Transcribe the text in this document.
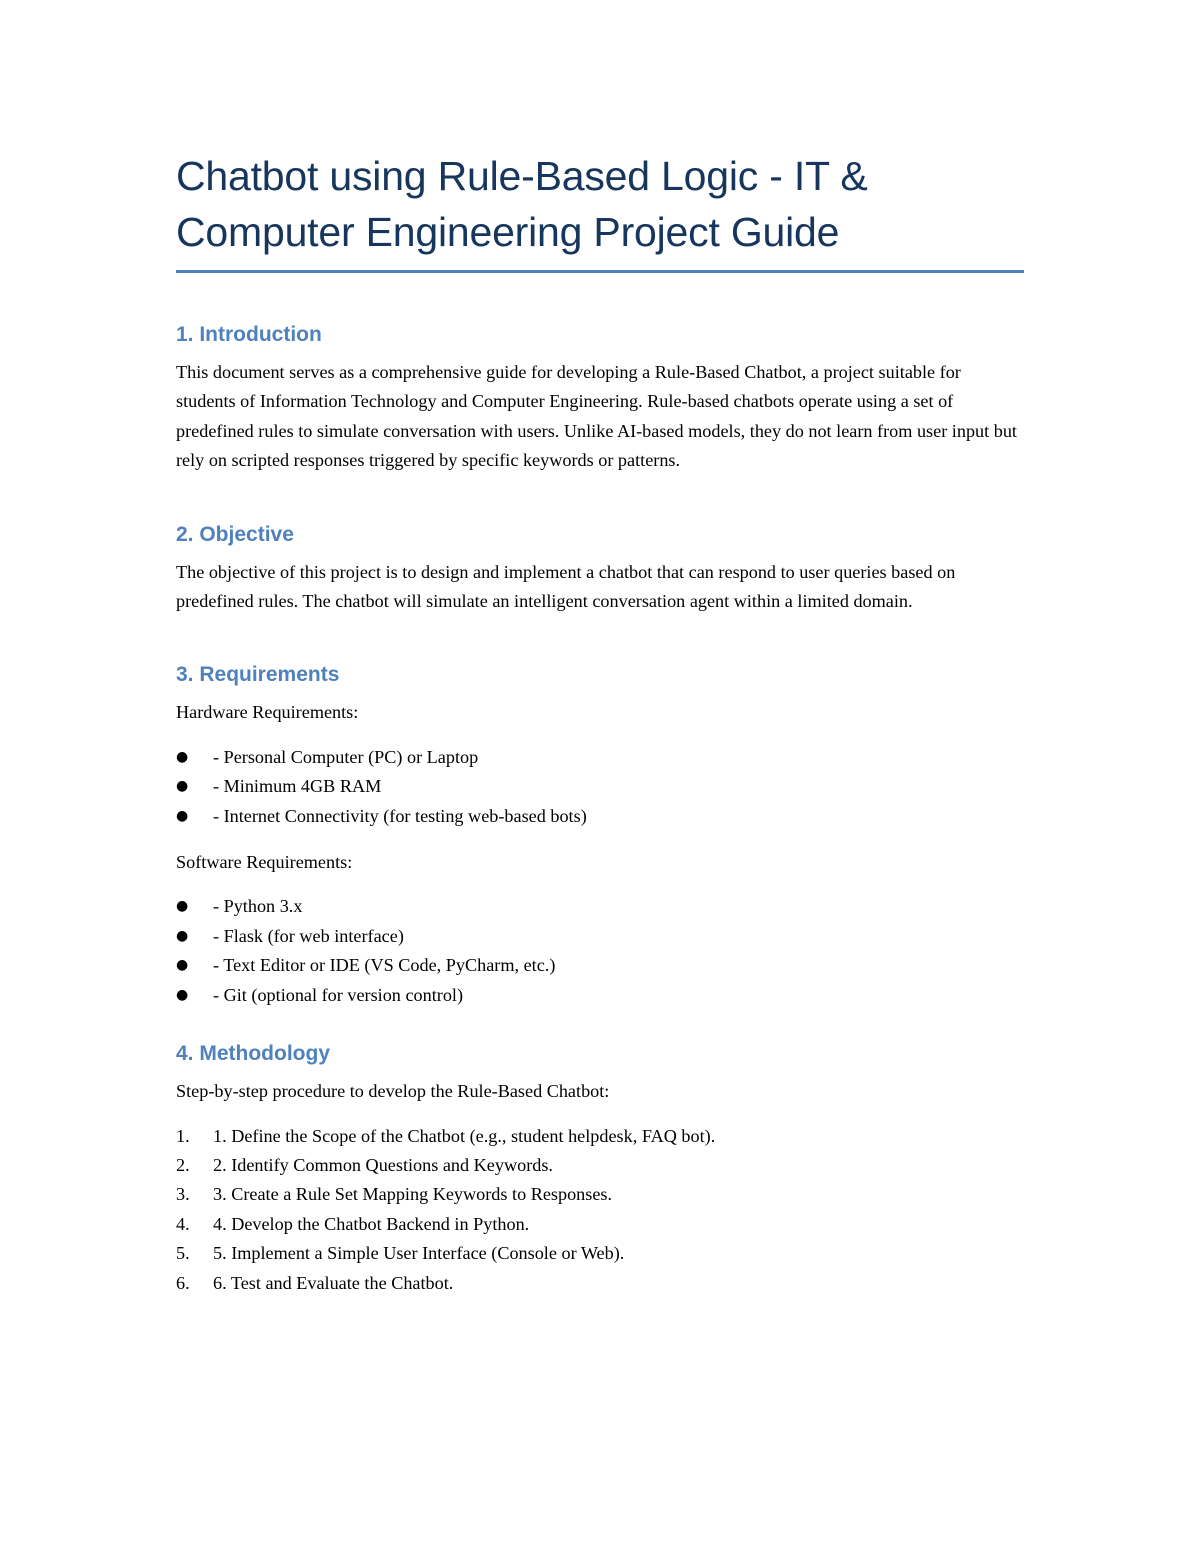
Chatbot using Rule-Based Logic - IT & Computer Engineering Project Guide
1. Introduction

This document serves as a comprehensive guide for developing a Rule-Based Chatbot, a project suitable for students of Information Technology and Computer Engineering. Rule-based chatbots operate using a set of predefined rules to simulate conversation with users. Unlike AI-based models, they do not learn from user input but rely on scripted responses triggered by specific keywords or patterns.

2. Objective

The objective of this project is to design and implement a chatbot that can respond to user queries based on predefined rules. The chatbot will simulate an intelligent conversation agent within a limited domain.

3. Requirements

Hardware Requirements:

●	- Personal Computer (PC) or Laptop
●	- Minimum 4GB RAM
●	- Internet Connectivity (for testing web-based bots)

Software Requirements:

●	- Python 3.x
●	- Flask (for web interface)
●	- Text Editor or IDE (VS Code, PyCharm, etc.)
●	- Git (optional for version control)
4. Methodology

Step-by-step procedure to develop the Rule-Based Chatbot:

1.	1. Define the Scope of the Chatbot (e.g., student helpdesk, FAQ bot).
2.	2. Identify Common Questions and Keywords.
3.	3. Create a Rule Set Mapping Keywords to Responses.
4.	4. Develop the Chatbot Backend in Python.
5.	5. Implement a Simple User Interface (Console or Web).
6.	6. Test and Evaluate the Chatbot.
